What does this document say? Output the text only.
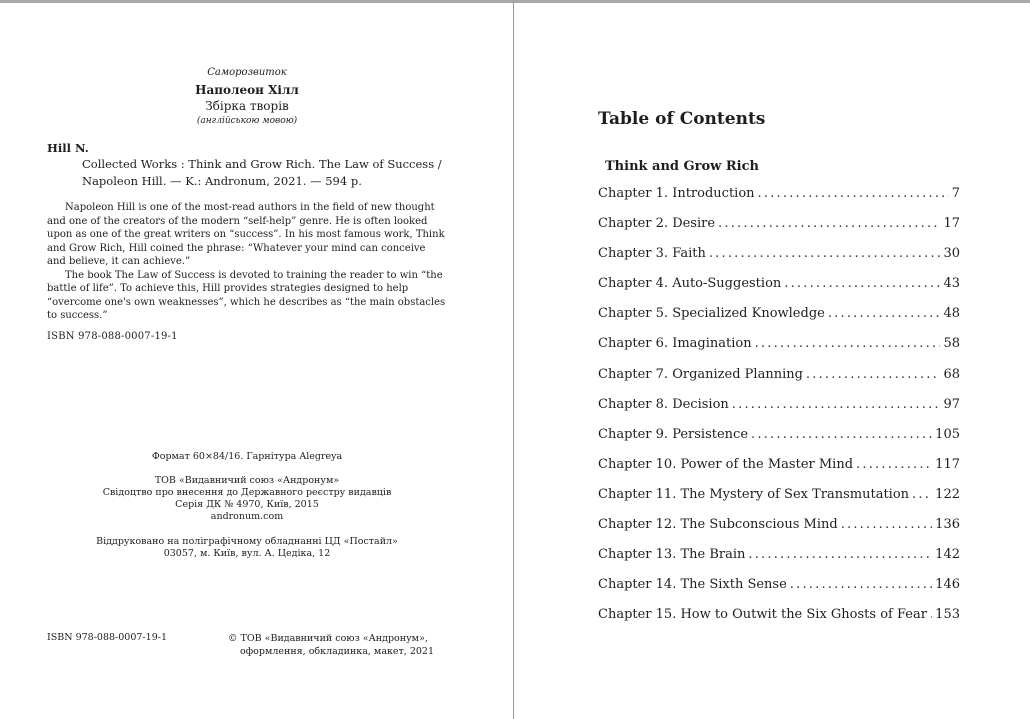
Саморозвиток
Наполеон Хілл
Збірка творів
(англійською мовою)
Hill N.
Collected Works : Think and Grow Rich. The Law of Success /
Napoleon Hill. — K.: Andronum, 2021. — 594 p.

Napoleon Hill is one of the most-read authors in the field of new thought and one of the creators of the modern “self-help” genre. He is often looked upon as one of the great writers on “success”. In his most famous work, Think and Grow Rich, Hill coined the phrase: “Whatever your mind can conceive and believe, it can achieve.”

The book The Law of Success is devoted to training the reader to win “the battle of life”. To achieve this, Hill provides strategies designed to help “overcome one's own weaknesses”, which he describes as “the main obstacles to success.”

ISBN 978-088-0007-19-1
Формат 60×84/16. Гарнітура Alegreya
ТОВ «Видавничий союз «Андронум»
Свідоцтво про внесення до Державного реєстру видавців
Серія ДК № 4970, Київ, 2015
andronum.com
Віддруковано на поліграфічному обладнанні ЦД «Постайл»
03057, м. Київ, вул. А. Цедіка, 12
ISBN 978-088-0007-19-1	© ТОВ «Видавничий союз «Андронум»,
оформлення, обкладинка, макет, 2021
Table of Contents
Think and Grow Rich
Chapter 1. Introduction .....	7
Chapter 2. Desire .....	17
Chapter 3. Faith .....	30
Chapter 4. Auto-Suggestion .....	43
Chapter 5. Specialized Knowledge .....	48
Chapter 6. Imagination .....	58
Chapter 7. Organized Planning .....	68
Chapter 8. Decision .....	97
Chapter 9. Persistence .....	105
Chapter 10. Power of the Master Mind .....	117
Chapter 11. The Mystery of Sex Transmutation ..... 122
Chapter 12. The Subconscious Mind .....	136
Chapter 13. The Brain .....	142
Chapter 14. The Sixth Sense .....	146
Chapter 15. How to Outwit the Six Ghosts of Fear ..... 153
